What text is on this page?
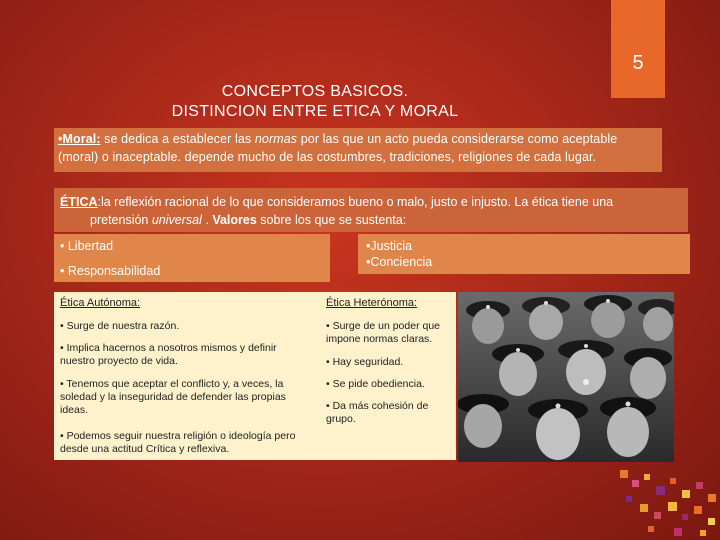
5
CONCEPTOS BASICOS.
DISTINCION ENTRE ETICA Y MORAL
•Moral: se dedica a establecer las normas por las que un acto pueda considerarse como aceptable (moral) o inaceptable. depende mucho de las costumbres, tradiciones, religiones de cada lugar.
ÉTICA:la reflexión racional de lo que consideramos bueno o malo, justo e injusto. La ética tiene una
pretensión universal . Valores sobre los que se sustenta:
• Libertad
• Responsabilidad
•Justicia
•Conciencia
Ética Autónoma:
• Surge de nuestra razón.
• Implica hacernos a nosotros mismos y definir nuestro proyecto de vida.
• Tenemos que aceptar el conflicto y, a veces, la soledad y la inseguridad de defender las propias ideas.
• Podemos seguir nuestra religión o ideología pero desde una actitud Crítica y reflexiva.
Ética Heterónoma:
• Surge de un poder que impone normas claras.
• Hay seguridad.
• Se pide obediencia.
• Da más cohesión de grupo.
